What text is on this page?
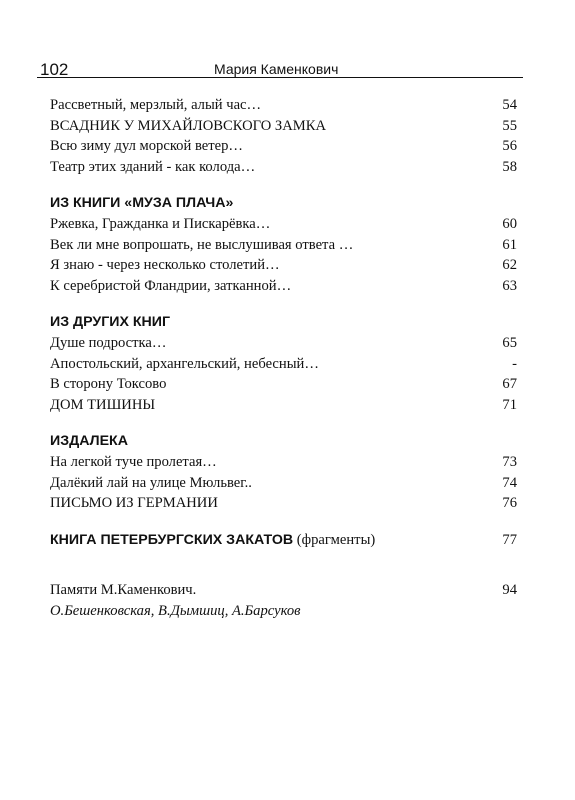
102	Мария Каменкович
Рассветный, мерзлый, алый час…	54
ВСАДНИК У МИХАЙЛОВСКОГО ЗАМКА	55
Всю зиму дул морской ветер…	56
Театр этих зданий - как колода…	58
ИЗ КНИГИ «МУЗА ПЛАЧА»
Ржевка, Гражданка и Пискарёвка…	60
Век ли мне вопрошать, не выслушивая ответа …	61
Я знаю - через несколько столетий…	62
К серебристой Фландрии, затканной…	63
ИЗ ДРУГИХ КНИГ
Душе подростка…	65
Апостольский, архангельский, небесный…	-
В сторону Токсово	67
ДОМ ТИШИНЫ	71
ИЗДАЛЕКА
На легкой туче пролетая…	73
Далёкий лай на улице Мюльвег..	74
ПИСЬМО ИЗ ГЕРМАНИИ	76
КНИГА ПЕТЕРБУРГСКИХ ЗАКАТОВ (фрагменты)	77
Памяти М.Каменкович.	94
О.Бешенковская, В.Дымшиц, А.Барсуков
